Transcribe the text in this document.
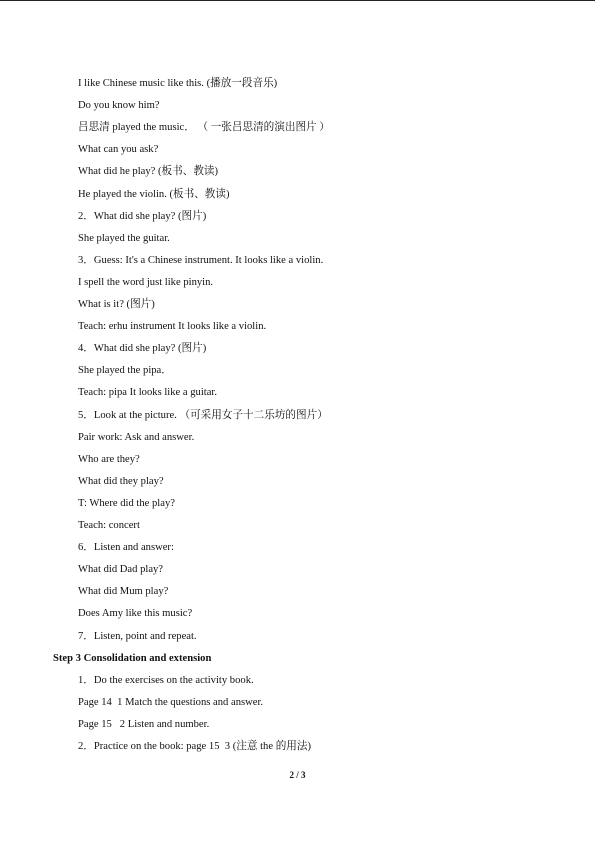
I like Chinese music like this. (播放一段音乐)
Do you know him?
吕思清 played the music． （ 一张吕思清的演出图片 ）
What can you ask?
What did he play? (板书、教读)
He played the violin. (板书、教读)
2．What did she play? (图片)
She played the guitar.
3．Guess: It's a Chinese instrument. It looks like a violin.
I spell the word just like pinyin.
What is it? (图片)
Teach: erhu instrument It looks like a violin.
4．What did she play? (图片)
She played the pipa．
Teach: pipa It looks like a guitar.
5．Look at the picture. （可采用女子十二乐坊的图片）
Pair work: Ask and answer.
Who are they?
What did they play?
T: Where did the play?
Teach: concert
6．Listen and answer:
What did Dad play?
What did Mum play?
Does Amy like this music?
7．Listen, point and repeat.
Step 3 Consolidation and extension
1．Do the exercises on the activity book.
Page 14  1 Match the questions and answer.
Page 15   2 Listen and number.
2．Practice on the book: page 15  3 (注意 the 的用法)
2 / 3
